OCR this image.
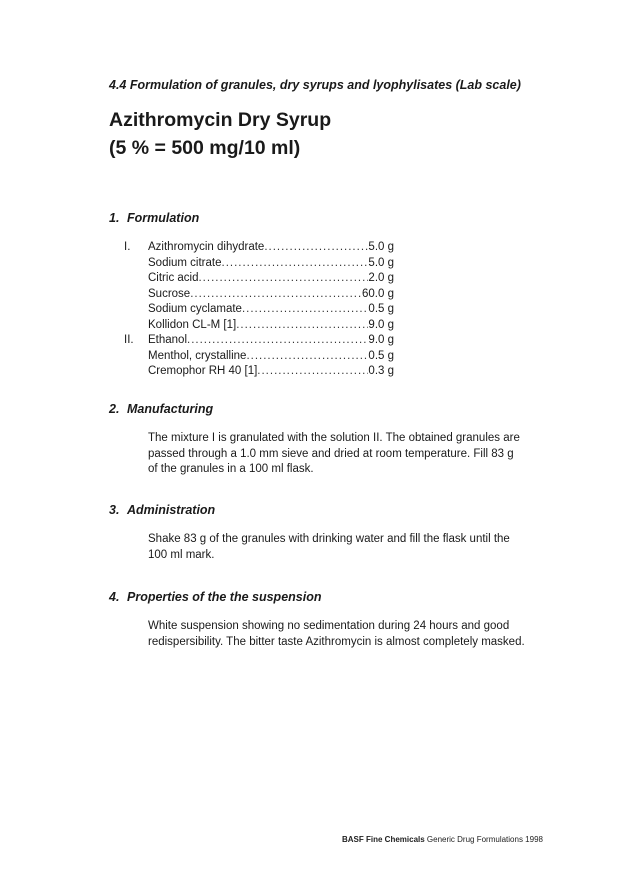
4.4 Formulation of granules, dry syrups and lyophylisates (Lab scale)
Azithromycin Dry Syrup
(5 % = 500 mg/10 ml)
1. Formulation
I.	Azithromycin dihydrate .....	5.0 g
Sodium citrate .....	5.0 g
Citric acid .....	2.0 g
Sucrose .....	60.0 g
Sodium cyclamate .....	0.5 g
Kollidon CL-M [1] .....	9.0 g
II.	Ethanol .....	9.0 g
Menthol, crystalline .....	0.5 g
Cremophor RH 40 [1] .....	0.3 g
2. Manufacturing
The mixture I is granulated with the solution II. The obtained granules are
passed through a 1.0 mm sieve and dried at room temperature. Fill 83 g
of the granules in a 100 ml flask.
3. Administration
Shake 83 g of the granules with drinking water and fill the flask until the
100 ml mark.
4. Properties of the the suspension
White suspension showing no sedimentation during 24 hours and good
redispersibility. The bitter taste Azithromycin is almost completely masked.
BASF Fine Chemicals Generic Drug Formulations 1998
